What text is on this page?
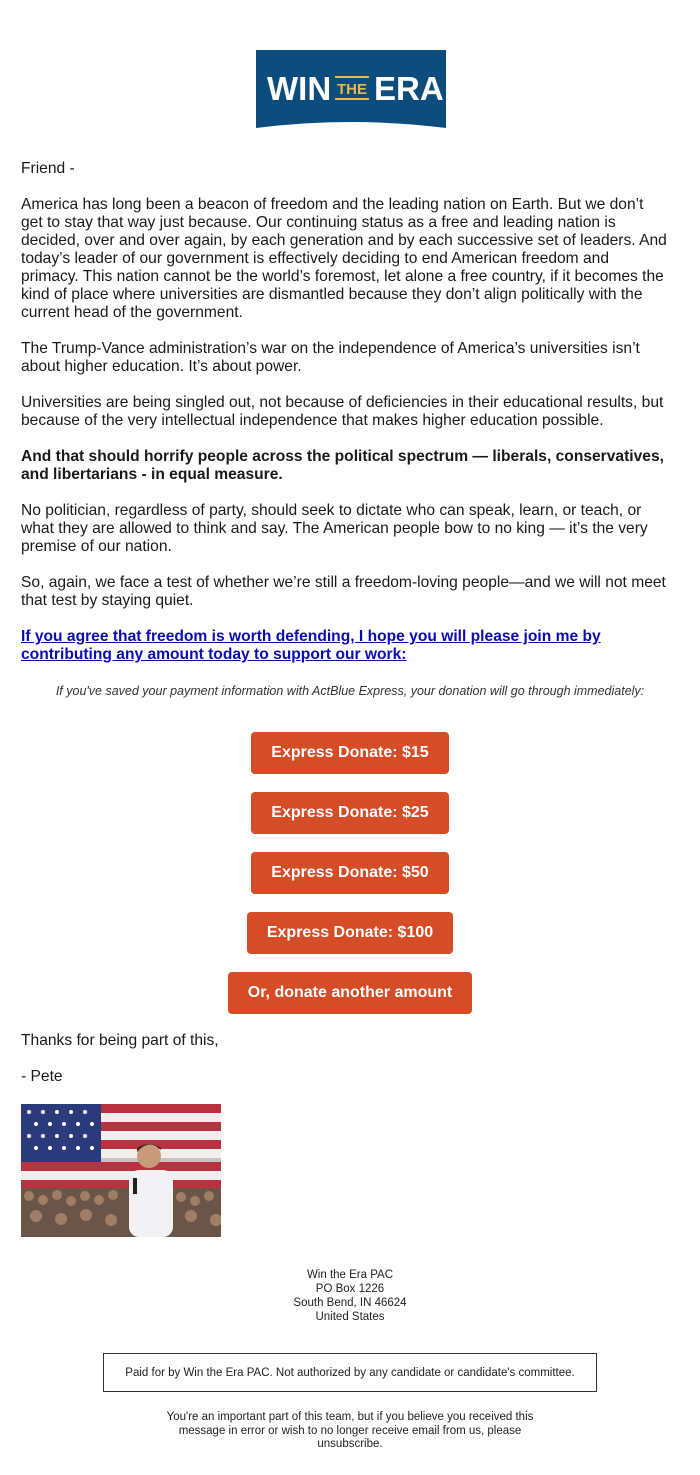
WIN THE ERA

Friend -

America has long been a beacon of freedom and the leading nation on Earth. But we don’t get to stay that way just because. Our continuing status as a free and leading nation is decided, over and over again, by each generation and by each successive set of leaders. And today’s leader of our government is effectively deciding to end American freedom and primacy. This nation cannot be the world’s foremost, let alone a free country, if it becomes the kind of place where universities are dismantled because they don’t align politically with the current head of the government.

The Trump-Vance administration’s war on the independence of America’s universities isn’t about higher education. It’s about power.

Universities are being singled out, not because of deficiencies in their educational results, but because of the very intellectual independence that makes higher education possible.

And that should horrify people across the political spectrum — liberals, conservatives, and libertarians - in equal measure.

No politician, regardless of party, should seek to dictate who can speak, learn, or teach, or what they are allowed to think and say. The American people bow to no king — it’s the very premise of our nation.

So, again, we face a test of whether we’re still a freedom-loving people—and we will not meet that test by staying quiet.

If you agree that freedom is worth defending, I hope you will please join me by contributing any amount today to support our work:

If you've saved your payment information with ActBlue Express, your donation will go through immediately:
Express Donate: $15
Express Donate: $25
Express Donate: $50
Express Donate: $100
Or, donate another amount
Thanks for being part of this,
- Pete
Win the Era PAC
PO Box 1226
South Bend, IN 46624
United States
Paid for by Win the Era PAC. Not authorized by any candidate or candidate's committee.
You're an important part of this team, but if you believe you received this message in error or wish to no longer receive email from us, please unsubscribe.
